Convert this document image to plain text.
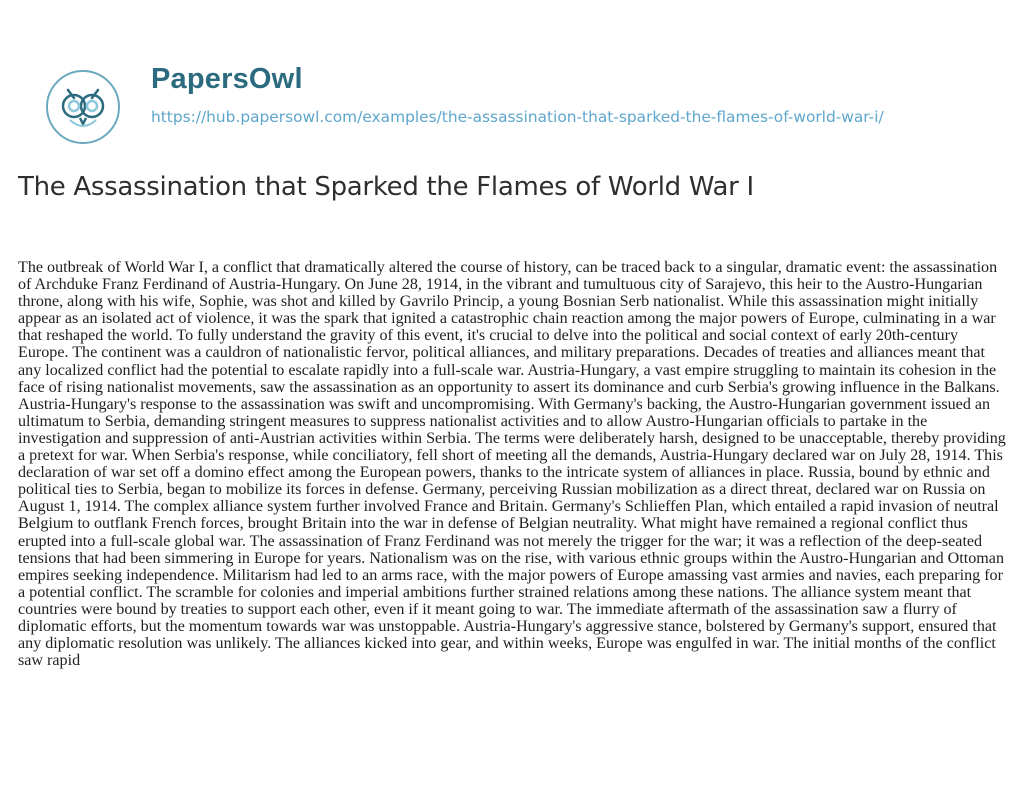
PapersOwl
https://hub.papersowl.com/examples/the-assassination-that-sparked-the-flames-of-world-war-i/
The Assassination that Sparked the Flames of World War I

The outbreak of World War I, a conflict that dramatically altered the course of history, can be traced back to a singular, dramatic event: the assassination of Archduke Franz Ferdinand of Austria-Hungary. On June 28, 1914, in the vibrant and tumultuous city of Sarajevo, this heir to the Austro-Hungarian throne, along with his wife, Sophie, was shot and killed by Gavrilo Princip, a young Bosnian Serb nationalist. While this assassination might initially appear as an isolated act of violence, it was the spark that ignited a catastrophic chain reaction among the major powers of Europe, culminating in a war that reshaped the world. To fully understand the gravity of this event, it's crucial to delve into the political and social context of early 20th-century Europe. The continent was a cauldron of nationalistic fervor, political alliances, and military preparations. Decades of treaties and alliances meant that any localized conflict had the potential to escalate rapidly into a full-scale war. Austria-Hungary, a vast empire struggling to maintain its cohesion in the face of rising nationalist movements, saw the assassination as an opportunity to assert its dominance and curb Serbia's growing influence in the Balkans. Austria-Hungary's response to the assassination was swift and uncompromising. With Germany's backing, the Austro-Hungarian government issued an ultimatum to Serbia, demanding stringent measures to suppress nationalist activities and to allow Austro-Hungarian officials to partake in the investigation and suppression of anti-Austrian activities within Serbia. The terms were deliberately harsh, designed to be unacceptable, thereby providing a pretext for war. When Serbia's response, while conciliatory, fell short of meeting all the demands, Austria-Hungary declared war on July 28, 1914. This declaration of war set off a domino effect among the European powers, thanks to the intricate system of alliances in place. Russia, bound by ethnic and political ties to Serbia, began to mobilize its forces in defense. Germany, perceiving Russian mobilization as a direct threat, declared war on Russia on August 1, 1914. The complex alliance system further involved France and Britain. Germany's Schlieffen Plan, which entailed a rapid invasion of neutral Belgium to outflank French forces, brought Britain into the war in defense of Belgian neutrality. What might have remained a regional conflict thus erupted into a full-scale global war. The assassination of Franz Ferdinand was not merely the trigger for the war; it was a reflection of the deep-seated tensions that had been simmering in Europe for years. Nationalism was on the rise, with various ethnic groups within the Austro-Hungarian and Ottoman empires seeking independence. Militarism had led to an arms race, with the major powers of Europe amassing vast armies and navies, each preparing for a potential conflict. The scramble for colonies and imperial ambitions further strained relations among these nations. The alliance system meant that countries were bound by treaties to support each other, even if it meant going to war. The immediate aftermath of the assassination saw a flurry of diplomatic efforts, but the momentum towards war was unstoppable. Austria-Hungary's aggressive stance, bolstered by Germany's support, ensured that any diplomatic resolution was unlikely. The alliances kicked into gear, and within weeks, Europe was engulfed in war. The initial months of the conflict saw rapid
